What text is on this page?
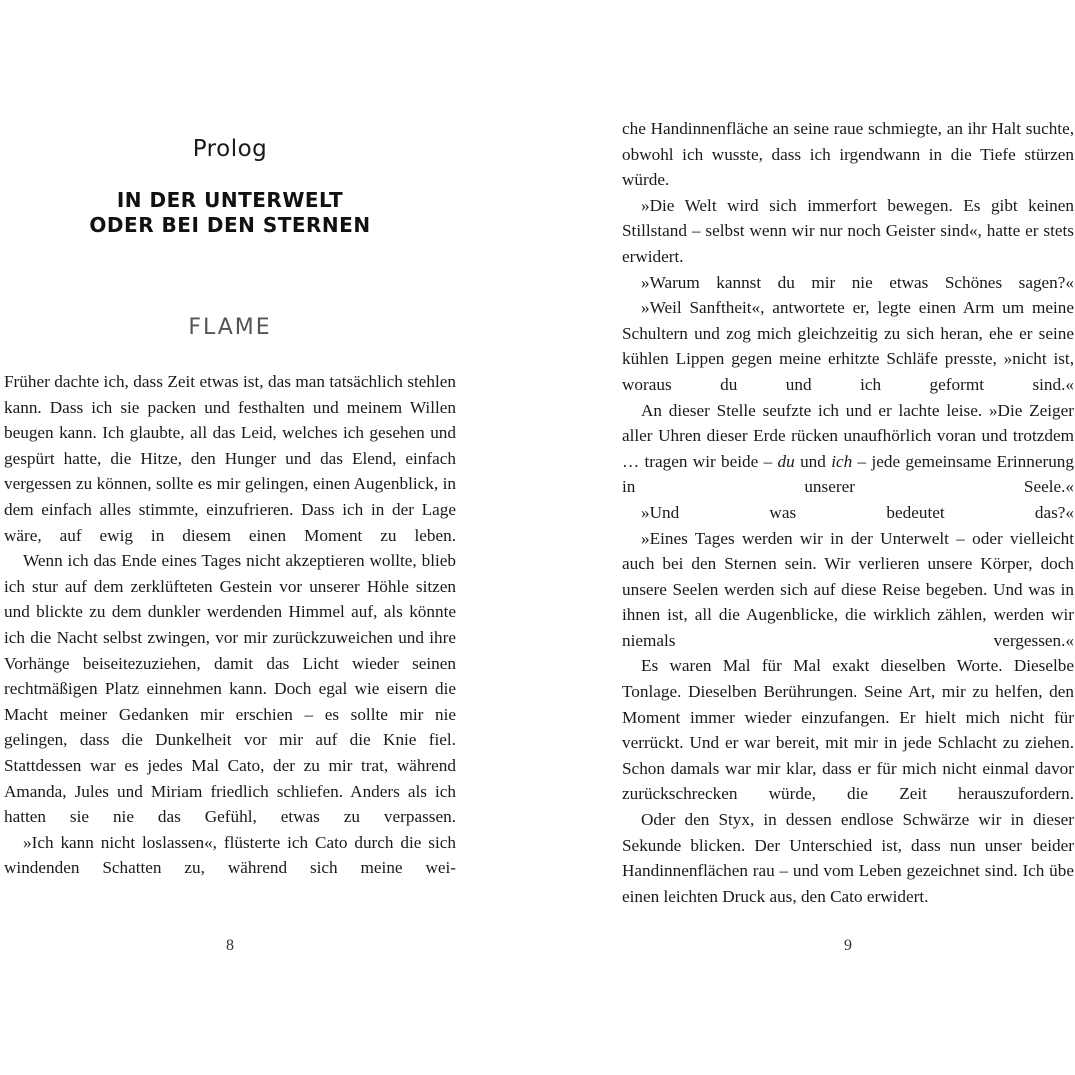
Prolog
IN DER UNTERWELT
ODER BEI DEN STERNEN
FLAME

Früher dachte ich, dass Zeit etwas ist, das man tatsächlich stehlen kann. Dass ich sie packen und festhalten und meinem Willen beugen kann. Ich glaubte, all das Leid, welches ich gesehen und gespürt hatte, die Hitze, den Hunger und das Elend, einfach vergessen zu können, sollte es mir gelingen, einen Augenblick, in dem einfach alles stimmte, einzufrieren. Dass ich in der Lage wäre, auf ewig in diesem einen Moment zu leben.

Wenn ich das Ende eines Tages nicht akzeptieren wollte, blieb ich stur auf dem zerklüfteten Gestein vor unserer Höhle sitzen und blickte zu dem dunkler werdenden Himmel auf, als könnte ich die Nacht selbst zwingen, vor mir zurückzuweichen und ihre Vorhänge beiseitezuziehen, damit das Licht wieder seinen rechtmäßigen Platz einnehmen kann. Doch egal wie eisern die Macht meiner Gedanken mir erschien – es sollte mir nie gelingen, dass die Dunkelheit vor mir auf die Knie fiel. Stattdessen war es jedes Mal Cato, der zu mir trat, während Amanda, Jules und Miriam friedlich schliefen. Anders als ich hatten sie nie das Gefühl, etwas zu verpassen.

»Ich kann nicht loslassen«, flüsterte ich Cato durch die sich windenden Schatten zu, während sich meine wei-

8

che Handinnenfläche an seine raue schmiegte, an ihr Halt suchte, obwohl ich wusste, dass ich irgendwann in die Tiefe stürzen würde.

»Die Welt wird sich immerfort bewegen. Es gibt keinen Stillstand – selbst wenn wir nur noch Geister sind«, hatte er stets erwidert.

»Warum kannst du mir nie etwas Schönes sagen?«

»Weil Sanftheit«, antwortete er, legte einen Arm um meine Schultern und zog mich gleichzeitig zu sich heran, ehe er seine kühlen Lippen gegen meine erhitzte Schläfe presste, »nicht ist, woraus du und ich geformt sind.«

An dieser Stelle seufzte ich und er lachte leise. »Die Zeiger aller Uhren dieser Erde rücken unaufhörlich voran und trotzdem … tragen wir beide – du und ich – jede gemeinsame Erinnerung in unserer Seele.«

»Und was bedeutet das?«

»Eines Tages werden wir in der Unterwelt – oder vielleicht auch bei den Sternen sein. Wir verlieren unsere Körper, doch unsere Seelen werden sich auf diese Reise begeben. Und was in ihnen ist, all die Augenblicke, die wirklich zählen, werden wir niemals vergessen.«

Es waren Mal für Mal exakt dieselben Worte. Dieselbe Tonlage. Dieselben Berührungen. Seine Art, mir zu helfen, den Moment immer wieder einzufangen. Er hielt mich nicht für verrückt. Und er war bereit, mit mir in jede Schlacht zu ziehen. Schon damals war mir klar, dass er für mich nicht einmal davor zurückschrecken würde, die Zeit herauszufordern.

Oder den Styx, in dessen endlose Schwärze wir in dieser Sekunde blicken. Der Unterschied ist, dass nun unser beider Handinnenflächen rau – und vom Leben gezeichnet sind. Ich übe einen leichten Druck aus, den Cato erwidert.

9
